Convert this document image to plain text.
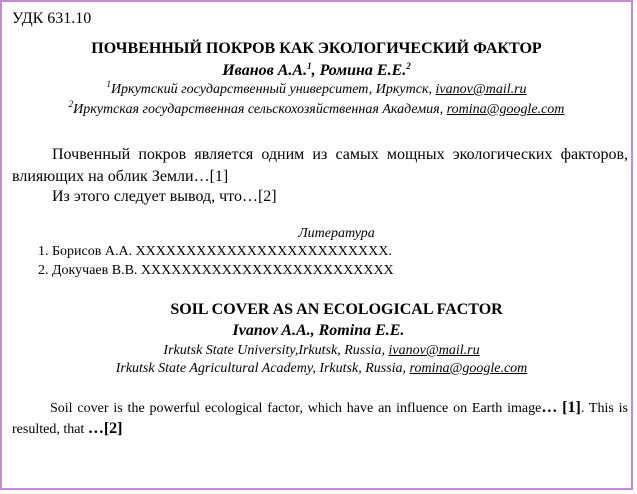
УДК 631.10
ПОЧВЕННЫЙ ПОКРОВ КАК ЭКОЛОГИЧЕСКИЙ ФАКТОР
Иванов А.А.$^1$, Ромина Е.Е.$^2$
$^1$Иркутский государственный университет, Иркутск, ivanov@mail.ru
$^2$Иркутская государственная сельскохозяйственная Академия, romina@google.com
Почвенный покров является одним из самых мощных экологических факторов, влияющих на облик Земли…[1]
Из этого следует вывод, что…[2]
Литература
1. Борисов А.А. XXXXXXXXXXXXXXXXXXXXXXXXX.
2. Докучаев В.В. XXXXXXXXXXXXXXXXXXXXXXXXX
SOIL COVER AS AN ECOLOGICAL FACTOR
Ivanov A.A., Romina E.E.
Irkutsk State University,Irkutsk, Russia, ivanov@mail.ru
Irkutsk State Agricultural Academy, Irkutsk, Russia, romina@google.com
Soil cover is the powerful ecological factor, which have an influence on Earth image… [1]. This is resulted, that …[2]
